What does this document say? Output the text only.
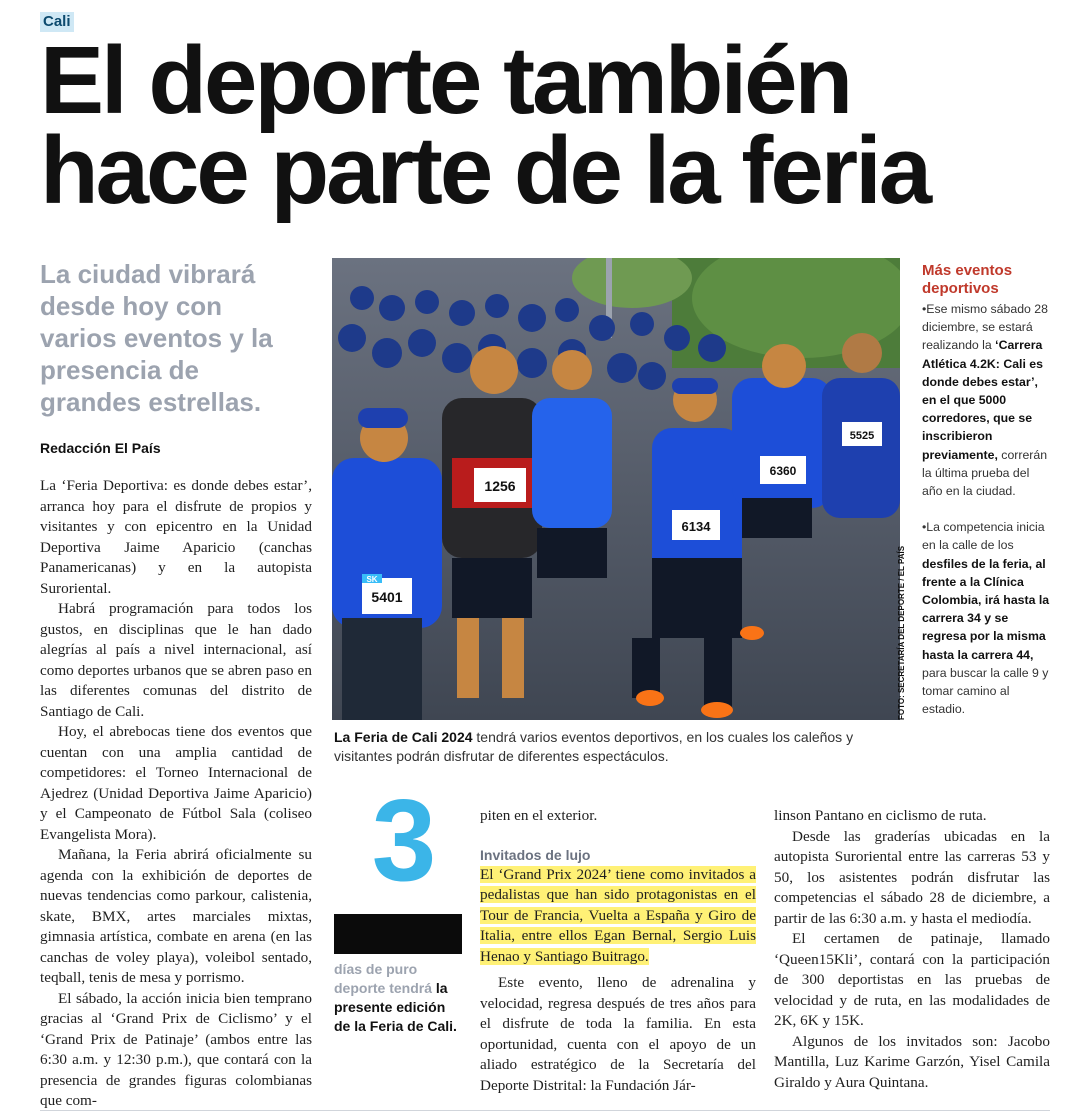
Cali
El deporte también
hace parte de la feria
La ciudad vibrará desde hoy con varios eventos y la presencia de grandes estrellas.
Redacción El País

La ‘Feria Deportiva: es donde debes estar’, arranca hoy para el disfrute de propios y visitantes y con epicentro en la Unidad Deportiva Jaime Aparicio (canchas Panamericanas) y en la autopista Suroriental.

Habrá programación para todos los gustos, en disciplinas que le han dado alegrías al país a nivel internacional, así como deportes urbanos que se abren paso en las diferentes comunas del distrito de Santiago de Cali.

Hoy, el abrebocas tiene dos eventos que cuentan con una amplia cantidad de competidores: el Torneo Internacional de Ajedrez (Unidad Deportiva Jaime Aparicio) y el Campeonato de Fútbol Sala (coliseo Evangelista Mora).

Mañana, la Feria abrirá oficialmente su agenda con la exhibición de deportes de nuevas tendencias como parkour, calistenia, skate, BMX, artes marciales mixtas, gimnasia artística, combate en arena (en las canchas de voley playa), voleibol sentado, teqball, tenis de mesa y porrismo.

El sábado, la acción inicia bien temprano gracias al ‘Grand Prix de Ciclismo’ y el ‘Grand Prix de Patinaje’ (ambos entre las 6:30 a.m. y 12:30 p.m.), que contará con la presencia de grandes figuras colombianas que com-

5401
SK
1256
6134
6360
5525
FOTO: SECRETARÍA DEL DEPORTE / EL PAÍS
La Feria de Cali 2024 tendrá varios eventos deportivos, en los cuales los caleños y visitantes podrán disfrutar de diferentes espectáculos.
Más eventos deportivos
•Ese mismo sábado 28 diciembre, se estará realizando la ‘Carrera Atlética 4.2K: Cali es donde debes estar’, en el que 5000 corredores, que se inscribieron previamente, correrán la última prueba del año en la ciudad.
•La competencia inicia en la calle de los desfiles de la feria, al frente a la Clínica Colombia, irá hasta la carrera 34 y se regresa por la misma hasta la carrera 44, para buscar la calle 9 y tomar camino al estadio.
3
días de puro deporte tendrá la presente edición de la Feria de Cali.

piten en el exterior.

Invitados de lujo

El ‘Grand Prix 2024’ tiene como invitados a pedalistas que han sido protagonistas en el Tour de Francia, Vuelta a España y Giro de Italia, entre ellos Egan Bernal, Sergio Luis Henao y Santiago Buitrago.

Este evento, lleno de adrenalina y velocidad, regresa después de tres años para el disfrute de toda la familia. En esta oportunidad, cuenta con el apoyo de un aliado estratégico de la Secretaría del Deporte Distrital: la Fundación Jár-

linson Pantano en ciclismo de ruta.

Desde las graderías ubicadas en la autopista Suroriental entre las carreras 53 y 50, los asistentes podrán disfrutar las competencias el sábado 28 de diciembre, a partir de las 6:30 a.m. y hasta el mediodía.

El certamen de patinaje, llamado ‘Queen15Kli’, contará con la participación de 300 deportistas en las pruebas de velocidad y de ruta, en las modalidades de 2K, 6K y 15K.

Algunos de los invitados son: Jacobo Mantilla, Luz Karime Garzón, Yisel Camila Giraldo y Aura Quintana.
